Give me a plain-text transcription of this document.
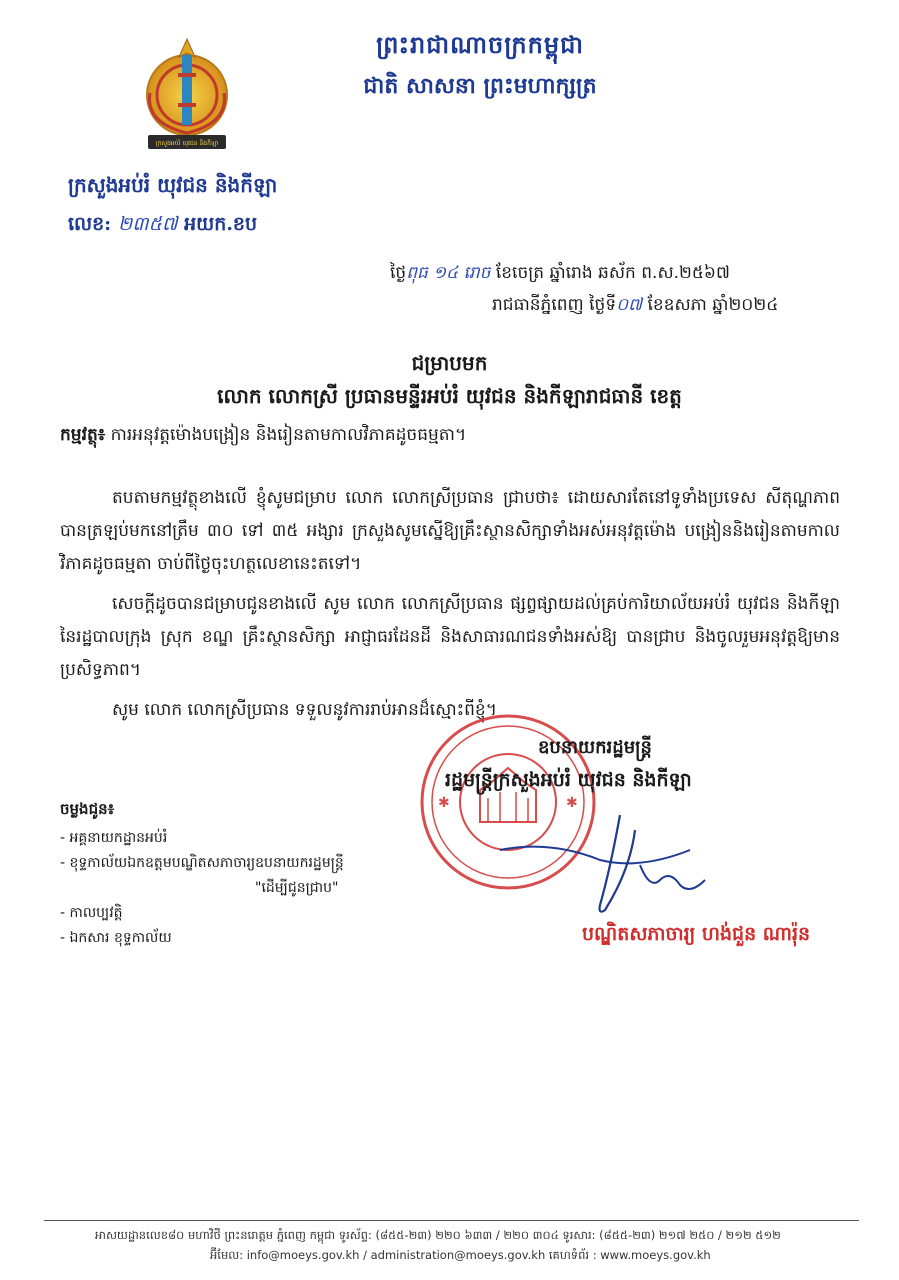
ក្រសួងអប់រំ យុវជន និងកីឡា
ព្រះរាជាណាចក្រកម្ពុជា
ជាតិ សាសនា ព្រះមហាក្សត្រ
ក្រសួងអប់រំ យុវជន និងកីឡា
លេខ: ២៣៥៧ អយក.ខប
ថ្ងៃពុធ ១៤ រោច ខែចេត្រ ឆ្នាំរោង ឆស័ក ព.ស.២៥៦៧
រាជធានីភ្នំពេញ ថ្ងៃទី០៧ ខែឧសភា ឆ្នាំ២០២៤
ជម្រាបមក
លោក លោកស្រី ប្រធានមន្ទីរអប់រំ យុវជន និងកីឡារាជធានី ខេត្ត
កម្មវត្ថុ៖ ការអនុវត្តម៉ោងបង្រៀន និងរៀនតាមកាលវិភាគដូចធម្មតា។

តបតាមកម្មវត្ថុខាងលើ ខ្ញុំសូមជម្រាប លោក លោកស្រីប្រធាន ជ្រាបថា៖ ដោយសារតែនៅទូទាំងប្រទេស សីតុណ្ហភាពបានត្រឡប់មកនៅត្រឹម ៣០ ទៅ ៣៥ អង្សារ ក្រសួងសូមស្នើឱ្យគ្រឹះស្ថានសិក្សាទាំងអស់អនុវត្តម៉ោង បង្រៀននិងរៀនតាមកាលវិភាគដូចធម្មតា ចាប់ពីថ្ងៃចុះហត្ថលេខានេះតទៅ។

សេចក្ដីដូចបានជម្រាបជូនខាងលើ សូម លោក លោកស្រីប្រធាន ផ្សព្វផ្សាយដល់គ្រប់ការិយាល័យអប់រំ យុវជន និងកីឡានៃរដ្ឋបាលក្រុង ស្រុក ខណ្ឌ គ្រឹះស្ថានសិក្សា អាជ្ញាធរដែនដី និងសាធារណជនទាំងអស់ឱ្យ បានជ្រាប និងចូលរួមអនុវត្តឱ្យមានប្រសិទ្ធភាព។

សូម លោក លោកស្រីប្រធាន ទទួលនូវការរាប់អានដ៏ស្មោះពីខ្ញុំ។

✱	✱
ឧបនាយករដ្ឋមន្ត្រី
រដ្ឋមន្ត្រីក្រសួងអប់រំ យុវជន និងកីឡា
បណ្ឌិតសភាចារ្យ ហង់ជួន ណារ៉ុន
ចម្លងជូន៖
- អគ្គនាយកដ្ឋានអប់រំ
- ខុទ្ទកាល័យឯកឧត្តមបណ្ឌិតសភាចារ្យឧបនាយករដ្ឋមន្ត្រី
"ដើម្បីជូនជ្រាប"
- កាលប្បវត្តិ
- ឯកសារ ខុទ្ទកាល័យ
អាសយដ្ឋានលេខ៨០ មហាវិថី ព្រះនរោត្តម ភ្នំពេញ កម្ពុជា ទូរស័ព្ទ: (៨៥៥-២៣) ២២០ ៦៣៣ / ២២០ ៣០៤ ទូរសារ: (៨៥៥-២៣) ២១៧ ២៥០ / ២១២ ៥១២
អ៊ីមែល: info@moeys.gov.kh / administration@moeys.gov.kh គេហទំព័រ : www.moeys.gov.kh
